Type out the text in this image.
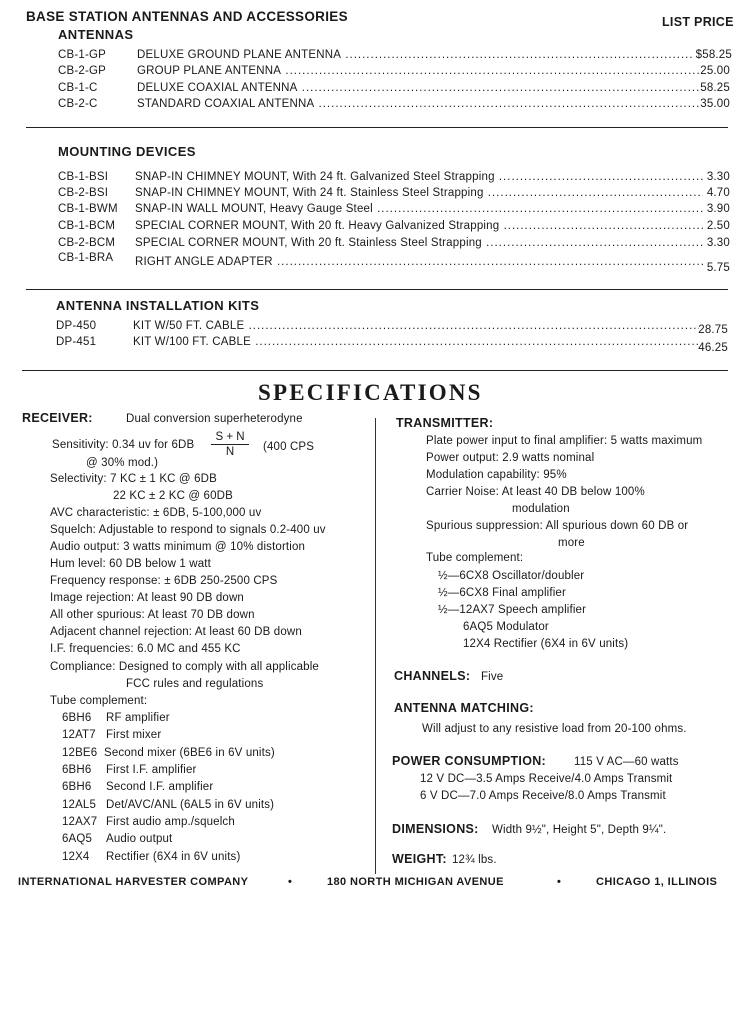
BASE STATION ANTENNAS AND ACCESSORIES	LIST PRICE
ANTENNAS
CB-1-GP	DELUXE GROUND PLANE ANTENNA .....	$58.25
CB-2-GP	GROUP PLANE ANTENNA .....	25.00
CB-1-C	DELUXE COAXIAL ANTENNA .....	58.25
CB-2-C	STANDARD COAXIAL ANTENNA .....	35.00
MOUNTING DEVICES
CB-1-BSI SNAP-IN CHIMNEY MOUNT, With 24 ft. Galvanized Steel Strapping .....	3.30
CB-2-BSI SNAP-IN CHIMNEY MOUNT, With 24 ft. Stainless Steel Strapping .....	4.70
CB-1-BWM SNAP-IN WALL MOUNT, Heavy Gauge Steel .....	3.90
CB-1-BCM SPECIAL CORNER MOUNT, With 20 ft. Heavy Galvanized Strapping .....	2.50
CB-2-BCM SPECIAL CORNER MOUNT, With 20 ft. Stainless Steel Strapping .....	3.30
CB-1-BRA RIGHT ANGLE ADAPTER .....	5.75
ANTENNA INSTALLATION KITS
DP-450	KIT W/50 FT. CABLE .....	28.75
DP-451	KIT W/100 FT. CABLE .....	46.25
SPECIFICATIONS
RECEIVER:	Dual conversion superheterodyne
Sensitivity: 0.34 uv for $6DB \frac{S + N}{N} (400$ CPS
@ 30% mod.)
Selectivity: 7 KC ± 1 KC @ 6DB
22 KC ± 2 KC @ 60DB
AVC characteristic: ± 6DB, 5-100,000 uv
Squelch: Adjustable to respond to signals 0.2-400 uv
Audio output: 3 watts minimum @ 10% distortion
Hum level: 60 DB below 1 watt
Frequency response: ± 6DB 250-2500 CPS
Image rejection: At least 90 DB down
All other spurious: At least 70 DB down
Adjacent channel rejection: At least 60 DB down
I.F. frequencies: 6.0 MC and 455 KC
Compliance: Designed to comply with all applicable
FCC rules and regulations
Tube complement:
6BH6 RF amplifier
12AT7 First mixer
12BE6 Second mixer (6BE6 in 6V units)
6BH6 First I.F. amplifier
6BH6 Second I.F. amplifier
12AL5 Det/AVC/ANL (6AL5 in 6V units)
12AX7 First audio amp./squelch
6AQ5 Audio output
12X4 Rectifier (6X4 in 6V units)
TRANSMITTER:
Plate power input to final amplifier: 5 watts maximum
Power output: 2.9 watts nominal
Modulation capability: 95%
Carrier Noise: At least 40 DB below 100%
modulation
Spurious suppression: All spurious down 60 DB or
more
Tube complement:
½—6CX8 Oscillator/doubler
½—6CX8 Final amplifier
½—12AX7 Speech amplifier
6AQ5 Modulator
12X4 Rectifier (6X4 in 6V units)
CHANNELS: Five
ANTENNA MATCHING:
Will adjust to any resistive load from 20-100 ohms.
POWER CONSUMPTION: 115 V AC—60 watts
12 V DC—3.5 Amps Receive/4.0 Amps Transmit
6 V DC—7.0 Amps Receive/8.0 Amps Transmit
DIMENSIONS: Width 9½", Height 5", Depth 9¼".
WEIGHT: 12¾ lbs.
INTERNATIONAL HARVESTER COMPANY	•	180 NORTH MICHIGAN AVENUE	•	CHICAGO 1, ILLINOIS
